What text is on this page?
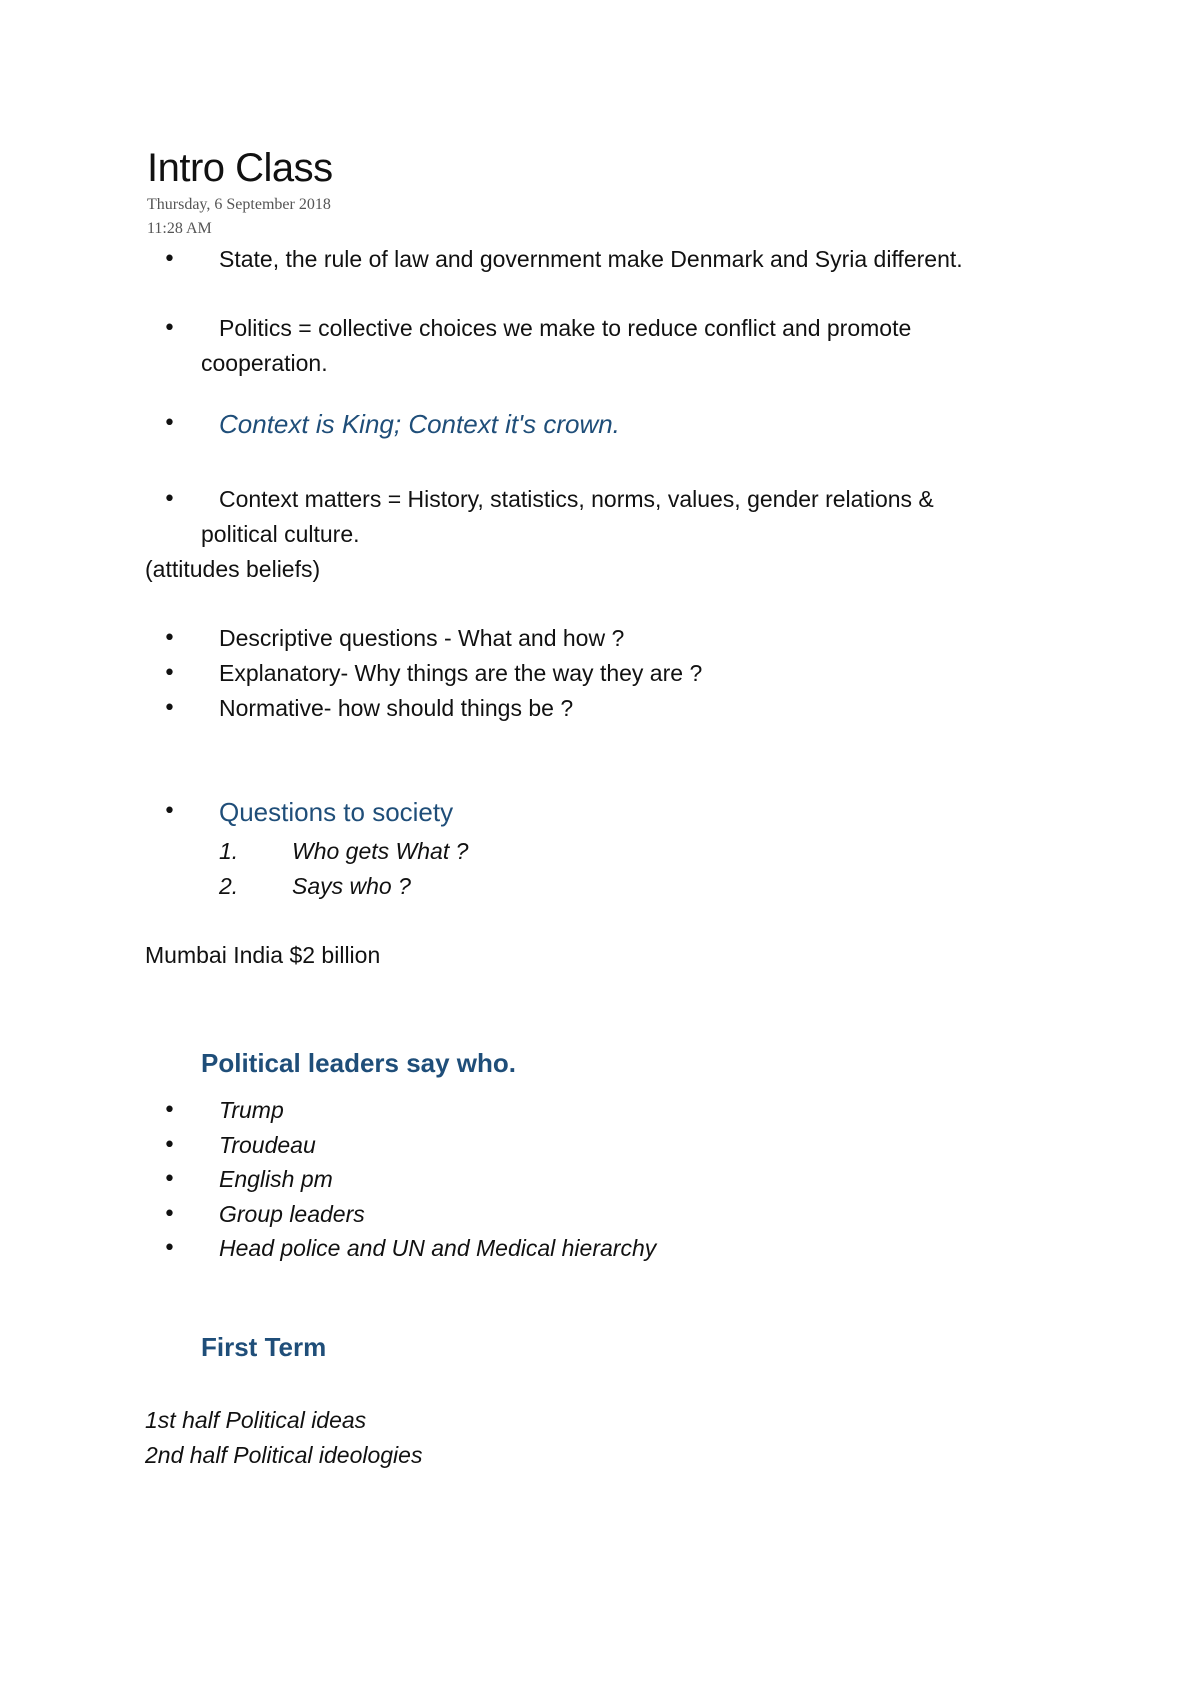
Intro Class
Thursday, 6 September 2018
11:28 AM
• State, the rule of law and government make Denmark and Syria different.
• Politics = collective choices we make to reduce conflict and promote
cooperation.
• Context is King; Context it's crown.
• Context matters = History, statistics, norms, values, gender relations &
political culture.
(attitudes beliefs)
• Descriptive questions - What and how ?
• Explanatory- Why things are the way they are ?
• Normative- how should things be ?
• Questions to society
1. Who gets What ?
2. Says who ?
Mumbai India $2 billion
Political leaders say who.
• Trump
• Troudeau
• English pm
• Group leaders
• Head police and UN and Medical hierarchy
First Term
1st half Political ideas
2nd half Political ideologies
